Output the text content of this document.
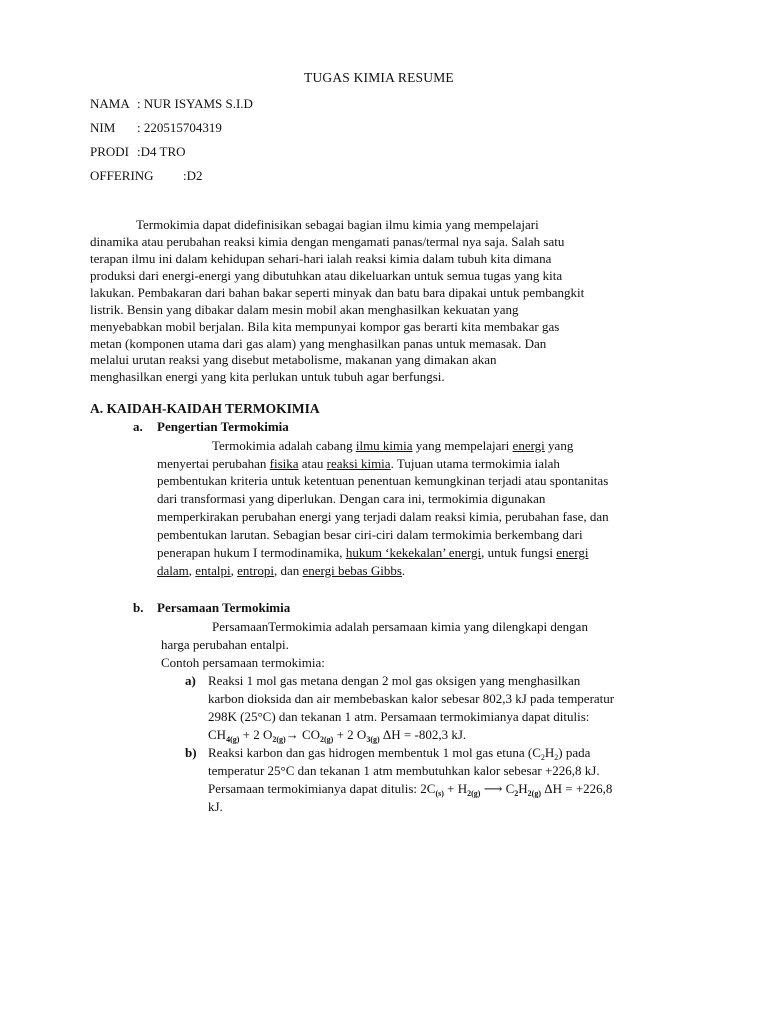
TUGAS KIMIA RESUME
NAMA : NUR ISYAMS S.I.D
NIM : 220515704319
PRODI :D4 TRO
OFFERING :D2
Termokimia dapat didefinisikan sebagai bagian ilmu kimia yang mempelajari
dinamika atau perubahan reaksi kimia dengan mengamati panas/termal nya saja. Salah satu
terapan ilmu ini dalam kehidupan sehari-hari ialah reaksi kimia dalam tubuh kita dimana
produksi dari energi-energi yang dibutuhkan atau dikeluarkan untuk semua tugas yang kita
lakukan. Pembakaran dari bahan bakar seperti minyak dan batu bara dipakai untuk pembangkit
listrik. Bensin yang dibakar dalam mesin mobil akan menghasilkan kekuatan yang
menyebabkan mobil berjalan. Bila kita mempunyai kompor gas berarti kita membakar gas
metan (komponen utama dari gas alam) yang menghasilkan panas untuk memasak. Dan
melalui urutan reaksi yang disebut metabolisme, makanan yang dimakan akan
menghasilkan energi yang kita perlukan untuk tubuh agar berfungsi.
A. KAIDAH-KAIDAH TERMOKIMIA
a. Pengertian Termokimia
Termokimia adalah cabang ilmu kimia yang mempelajari energi yang
menyertai perubahan fisika atau reaksi kimia. Tujuan utama termokimia ialah
pembentukan kriteria untuk ketentuan penentuan kemungkinan terjadi atau spontanitas
dari transformasi yang diperlukan. Dengan cara ini, termokimia digunakan
memperkirakan perubahan energi yang terjadi dalam reaksi kimia, perubahan fase, dan
pembentukan larutan. Sebagian besar ciri-ciri dalam termokimia berkembang dari
penerapan hukum I termodinamika, hukum ‘kekekalan’ energi, untuk fungsi energi
dalam, entalpi, entropi, dan energi bebas Gibbs.
b. Persamaan Termokimia
PersamaanTermokimia adalah persamaan kimia yang dilengkapi dengan
harga perubahan entalpi.
Contoh persamaan termokimia:
a) Reaksi 1 mol gas metana dengan 2 mol gas oksigen yang menghasilkan
karbon dioksida dan air membebaskan kalor sebesar 802,3 kJ pada temperatur
298K (25°C) dan tekanan 1 atm. Persamaan termokimianya dapat ditulis:
$CH_{4(g)} + 2$ $O_{2(g)}\to CO_{2(g)} + 2$ $O_{3(g)}$ ΔH = -802,3 kJ.
b) Reaksi karbon dan gas hidrogen membentuk 1 mol gas etuna $(C_2H_2)$ pada
temperatur 25°C dan tekanan 1 atm membutuhkan kalor sebesar +226,8 kJ.
Persamaan termokimianya dapat ditulis: $2C_{(s)} + H_{2(g)}$ ⟶ $C_2H_{2(g)}$ ΔH = +226,8
kJ.
